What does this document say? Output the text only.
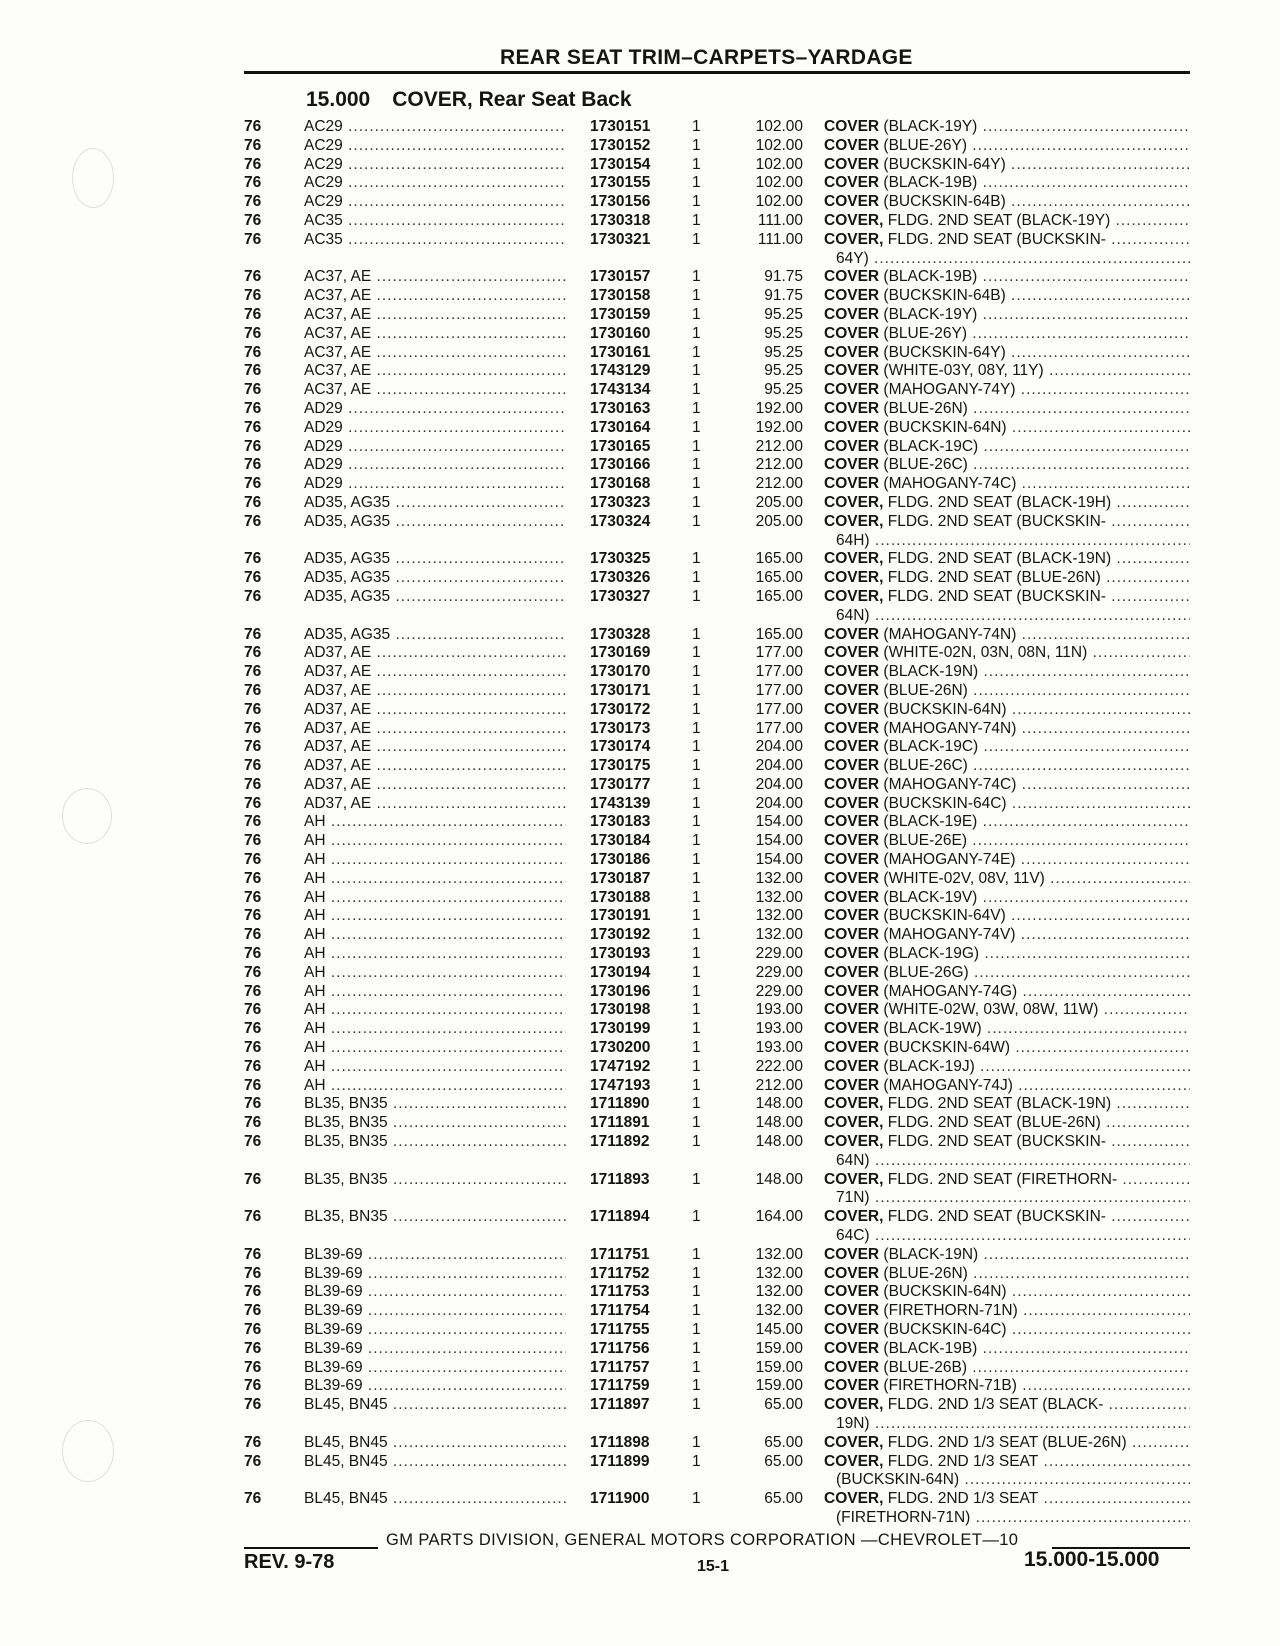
REAR SEAT TRIM–CARPETS–YARDAGE
15.000 COVER, Rear Seat Back
76	AC29 .....	1730151	1	102.00 COVER (BLACK-19Y) .....
76	AC29 .....	1730152	1	102.00 COVER (BLUE-26Y) .....
76	AC29 .....	1730154	1	102.00 COVER (BUCKSKIN-64Y) .....
76	AC29 .....	1730155	1	102.00 COVER (BLACK-19B) .....
76	AC29 .....	1730156	1	102.00 COVER (BUCKSKIN-64B) .....
76	AC35 .....	1730318	1	111.00 COVER, FLDG. 2ND SEAT (BLACK-19Y) .....
76	AC35 .....	1730321	1	111.00 COVER, FLDG. 2ND SEAT (BUCKSKIN- .....
64Y) .....
76	AC37, AE .....	1730157	1	91.75 COVER (BLACK-19B) .....
76	AC37, AE .....	1730158	1	91.75 COVER (BUCKSKIN-64B) .....
76	AC37, AE .....	1730159	1	95.25 COVER (BLACK-19Y) .....
76	AC37, AE .....	1730160	1	95.25 COVER (BLUE-26Y) .....
76	AC37, AE .....	1730161	1	95.25 COVER (BUCKSKIN-64Y) .....
76	AC37, AE .....	1743129	1	95.25 COVER (WHITE-03Y, 08Y, 11Y) .....
76	AC37, AE .....	1743134	1	95.25 COVER (MAHOGANY-74Y) .....
76	AD29 .....	1730163	1	192.00 COVER (BLUE-26N) .....
76	AD29 .....	1730164	1	192.00 COVER (BUCKSKIN-64N) .....
76	AD29 .....	1730165	1	212.00 COVER (BLACK-19C) .....
76	AD29 .....	1730166	1	212.00 COVER (BLUE-26C) .....
76	AD29 .....	1730168	1	212.00 COVER (MAHOGANY-74C) .....
76	AD35, AG35 .....	1730323	1	205.00 COVER, FLDG. 2ND SEAT (BLACK-19H) .....
76	AD35, AG35 .....	1730324	1	205.00 COVER, FLDG. 2ND SEAT (BUCKSKIN- .....
64H) .....
76	AD35, AG35 .....	1730325	1	165.00 COVER, FLDG. 2ND SEAT (BLACK-19N) .....
76	AD35, AG35 .....	1730326	1	165.00 COVER, FLDG. 2ND SEAT (BLUE-26N) .....
76	AD35, AG35 .....	1730327	1	165.00 COVER, FLDG. 2ND SEAT (BUCKSKIN- .....
64N) .....
76	AD35, AG35 .....	1730328	1	165.00 COVER (MAHOGANY-74N) .....
76	AD37, AE .....	1730169	1	177.00 COVER (WHITE-02N, 03N, 08N, 11N) .....
76	AD37, AE .....	1730170	1	177.00 COVER (BLACK-19N) .....
76	AD37, AE .....	1730171	1	177.00 COVER (BLUE-26N) .....
76	AD37, AE .....	1730172	1	177.00 COVER (BUCKSKIN-64N) .....
76	AD37, AE .....	1730173	1	177.00 COVER (MAHOGANY-74N) .....
76	AD37, AE .....	1730174	1	204.00 COVER (BLACK-19C) .....
76	AD37, AE .....	1730175	1	204.00 COVER (BLUE-26C) .....
76	AD37, AE .....	1730177	1	204.00 COVER (MAHOGANY-74C) .....
76	AD37, AE .....	1743139	1	204.00 COVER (BUCKSKIN-64C) .....
76	AH .....	1730183	1	154.00 COVER (BLACK-19E) .....
76	AH .....	1730184	1	154.00 COVER (BLUE-26E) .....
76	AH .....	1730186	1	154.00 COVER (MAHOGANY-74E) .....
76	AH .....	1730187	1	132.00 COVER (WHITE-02V, 08V, 11V) .....
76	AH .....	1730188	1	132.00 COVER (BLACK-19V) .....
76	AH .....	1730191	1	132.00 COVER (BUCKSKIN-64V) .....
76	AH .....	1730192	1	132.00 COVER (MAHOGANY-74V) .....
76	AH .....	1730193	1	229.00 COVER (BLACK-19G) .....
76	AH .....	1730194	1	229.00 COVER (BLUE-26G) .....
76	AH .....	1730196	1	229.00 COVER (MAHOGANY-74G) .....
76	AH .....	1730198	1	193.00 COVER (WHITE-02W, 03W, 08W, 11W) .....
76	AH .....	1730199	1	193.00 COVER (BLACK-19W) .....
76	AH .....	1730200	1	193.00 COVER (BUCKSKIN-64W) .....
76	AH .....	1747192	1	222.00 COVER (BLACK-19J) .....
76	AH .....	1747193	1	212.00 COVER (MAHOGANY-74J) .....
76	BL35, BN35 .....	1711890	1	148.00 COVER, FLDG. 2ND SEAT (BLACK-19N) .....
76	BL35, BN35 .....	1711891	1	148.00 COVER, FLDG. 2ND SEAT (BLUE-26N) .....
76	BL35, BN35 .....	1711892	1	148.00 COVER, FLDG. 2ND SEAT (BUCKSKIN- .....
64N) .....
76	BL35, BN35 .....	1711893	1	148.00 COVER, FLDG. 2ND SEAT (FIRETHORN- .....
71N) .....
76	BL35, BN35 .....	1711894	1	164.00 COVER, FLDG. 2ND SEAT (BUCKSKIN- .....
64C) .....
76	BL39-69 .....	1711751	1	132.00 COVER (BLACK-19N) .....
76	BL39-69 .....	1711752	1	132.00 COVER (BLUE-26N) .....
76	BL39-69 .....	1711753	1	132.00 COVER (BUCKSKIN-64N) .....
76	BL39-69 .....	1711754	1	132.00 COVER (FIRETHORN-71N) .....
76	BL39-69 .....	1711755	1	145.00 COVER (BUCKSKIN-64C) .....
76	BL39-69 .....	1711756	1	159.00 COVER (BLACK-19B) .....
76	BL39-69 .....	1711757	1	159.00 COVER (BLUE-26B) .....
76	BL39-69 .....	1711759	1	159.00 COVER (FIRETHORN-71B) .....
76	BL45, BN45 .....	1711897	1	65.00 COVER, FLDG. 2ND 1/3 SEAT (BLACK- .....
19N) .....
76	BL45, BN45 .....	1711898	1	65.00 COVER, FLDG. 2ND 1/3 SEAT (BLUE-26N) .....
76	BL45, BN45 .....	1711899	1	65.00 COVER, FLDG. 2ND 1/3 SEAT .....
(BUCKSKIN-64N) .....
76	BL45, BN45 .....	1711900	1	65.00 COVER, FLDG. 2ND 1/3 SEAT .....
(FIRETHORN-71N) .....
GM PARTS DIVISION, GENERAL MOTORS CORPORATION —CHEVROLET—10
REV. 9-78	15-1	15.000-15.000
